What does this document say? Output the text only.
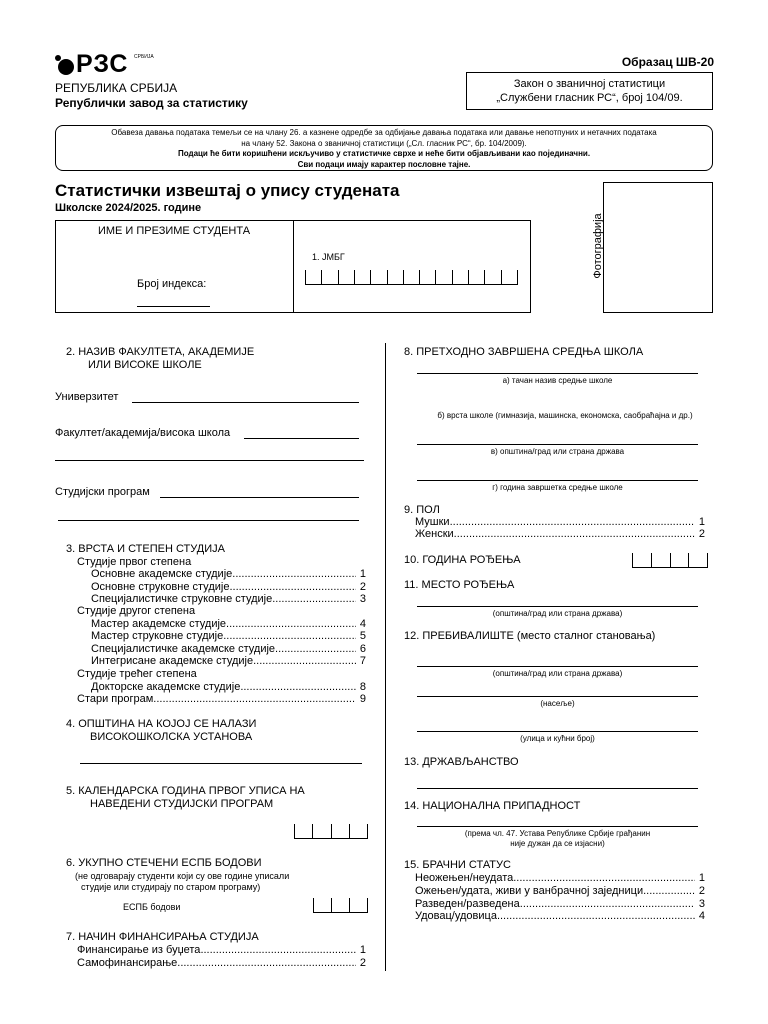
РЗС СРБИЈА	Образац ШВ-20
РЕПУБЛИКА СРБИЈА
Републички завод за статистику
Закон о званичној статистици
„Службени гласник РС“, број 104/09.
Обавеза давања података темељи се на члану 26. а казнене одредбе за одбијање давања података или давање непотпуних и нетачних података
на члану 52. Закона о званичној статистици („Сл. гласник РС“, бр. 104/2009).
Подаци ће бити коришћени искључиво у статистичке сврхе и неће бити објављивани као појединачни.
Сви подаци имају карактер пословне тајне.
Статистички извештај о упису студената
Школске 2024/2025. године
ИМЕ И ПРЕЗИМЕ СТУДЕНТА
Број индекса:
1. ЈМБГ	Фотографија
2. НАЗИВ ФАКУЛТЕТА, АКАДЕМИЈЕ
ИЛИ ВИСОКЕ ШКОЛЕ
Универзитет
Факултет/академија/висока школа
Студијски програм
3. ВРСТА И СТЕПЕН СТУДИЈА
Студије првог степена
Студије другог степена
Студије трећег степена
Основне академске студије .....	1
Основне струковне студије .....	2
Специјалистичке струковне студије .....	3
Мастер академске студије .....	4
Мастер струковне студије .....	5
Специјалистичке академске студије .....	6
Интегрисане академске студије .....	7
Докторске академске студије .....	8
Стари програм .....	9
4. ОПШТИНА НА КОЈОЈ СЕ НАЛАЗИ
ВИСОКОШКОЛСКА УСТАНОВА
5. КАЛЕНДАРСКА ГОДИНА ПРВОГ УПИСА НА
НАВЕДЕНИ СТУДИЈСКИ ПРОГРАМ
6. УКУПНО СТЕЧЕНИ ЕСПБ БОДОВИ
(не одговарају студенти који су ове године уписали
студије или студирају по старом програму)
ЕСПБ бодови
7. НАЧИН ФИНАНСИРАЊА СТУДИЈА
Финансирање из буџета .....	1
Самофинансирање .....	2
8. ПРЕТХОДНО ЗАВРШЕНА СРЕДЊА ШКОЛА
а) тачан назив средње школе
б) врста школе (гимназија, машинска, економска, саобраћајна и др.)
в) општина/град или страна држава
г) година завршетка средње школе
9. ПОЛ
Мушки .....	1
Женски .....	2
10. ГОДИНА РОЂЕЊА
11. МЕСТО РОЂЕЊА
(општина/град или страна држава)
12. ПРЕБИВАЛИШТЕ (место сталног становања)
(општина/град или страна држава)
(насеље)
(улица и кућни број)
13. ДРЖАВЉАНСТВО
14. НАЦИОНАЛНА ПРИПАДНОСТ
(према чл. 47. Устава Републике Србије грађанин
није дужан да се изјасни)
15. БРАЧНИ СТАТУС
Неожењен/неудата .....	1
Ожењен/удата, живи у ванбрачној заједници .....	2
Разведен/разведена .....	3
Удовац/удовица .....	4
